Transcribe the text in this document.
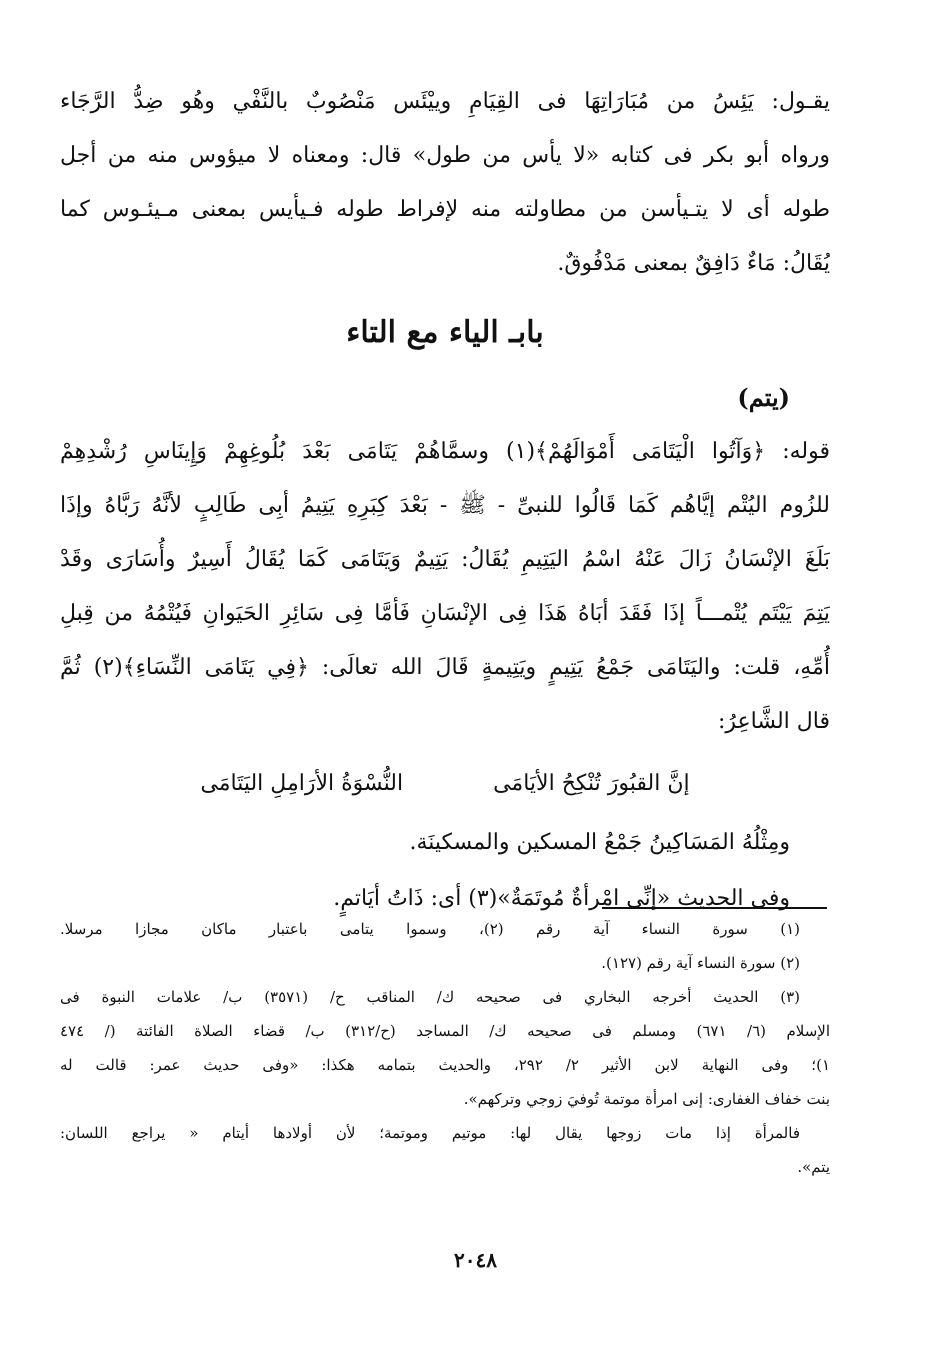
يقـول: يَئِسُ من مُبَارَاتِهَا فى القِيَامِ وييْئَس مَنْصُوبٌ بالنَّفْي وهُو ضِدُّ الرَّجَاء
ورواه أبو بكر فى كتابه «لا يأس من طول» قال: ومعناه لا ميؤوس منه من أجل
طوله أى لا يتـيأسن من مطاولته منه لإفراط طوله فـيأيس بمعنى مـيئـوس كما
يُقَالُ: مَاءٌ دَافِقٌ بمعنى مَدْفُوقٌ.
بابـ الياء مع التاء
(يتم)
قوله: ﴿وَآتُوا الْيَتَامَى أَمْوَالَهُمْ﴾(١) وسمَّاهُمْ يَتَامَى بَعْدَ بُلُوغِهِمْ وَإِينَاسِ رُشْدِهِمْ
للزُوم اليُتْم إيَّاهُم كَمَا قَالُوا للنبىِّ - ﷺ - بَعْدَ كِبَرِهِ يَتِيمُ أبِى طَالِبٍ لأنَّهُ رَبَّاهُ وإذَا
بَلَغَ الإنْسَانُ زَالَ عَنْهُ اسْمُ اليَتِيمِ يُقَالُ: يَتِيمٌ وَيَتَامَى كَمَا يُقَالُ أَسِيرٌ وأُسَارَى وقَدْ
يَتِمَ يَيْتَم يُتْمـــاً إذَا فَقَدَ أبَاهُ هَذَا فِى الإنْسَانِ فَأمَّا فِى سَائِرِ الحَيَوانِ فَيُتْمُهُ من قِبلِ
أُمِّهِ، قلت: واليَتَامَى جَمْعُ يَتِيمٍ ويَتِيمةٍ قَالَ الله تعالَى: ﴿فِي يَتَامَى النِّسَاءِ﴾(٢) ثُمَّ
قال الشَّاعِرُ:
إنَّ القبُورَ تُنْكِحُ الأيَامَى
النُّسْوَةُ الأرَامِلِ اليَتَامَى
ومِثْلُهُ المَسَاكِينُ جَمْعُ المسكين والمسكينَة.
وفى الحديث «إنِّى امْرأةٌ مُوتَمَةٌ»(٣) أى: ذَاتُ أيَاتمٍ.
(١) سورة النساء آية رقم (٢)، وسموا يتامى باعتبار ماكان مجازا مرسلا.
(٢) سورة النساء آية رقم (١٢٧).
(٣) الحديث أخرجه البخاري فى صحيحه ك/ المناقب ح/ (٣٥٧١) ب/ علامات النبوة فى
الإسلام (٦/ ٦٧١) ومسلم فى صحيحه ك/ المساجد (ح/٣١٢) ب/ قضاء الصلاة الفائتة (/ ٤٧٤
١)؛ وفى النهاية لابن الأثير ٢/ ٢٩٢، والحديث بتمامه هكذا: «وفى حديث عمر: قالت له
بنت خفاف الغفارى: إنى امرأة موتمة تُوفيَ زوجي وتركهم».
فالمرأة إذا مات زوجها يقال لها: موتيم وموتمة؛ لأن أولادها أيتام « يراجع اللسان:
يتم».
٢٠٤٨
